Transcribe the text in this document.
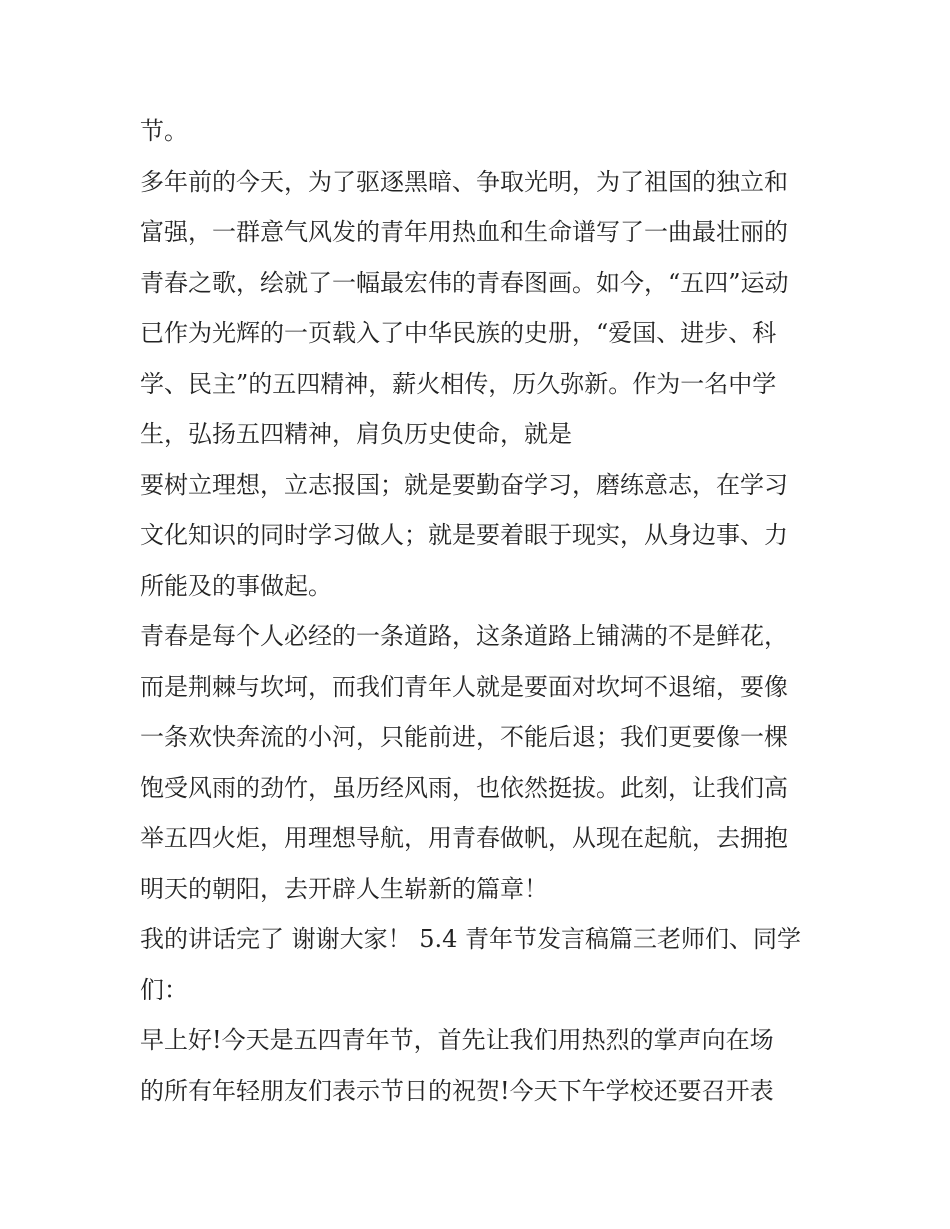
节。
多年前的今天，为了驱逐黑暗、争取光明，为了祖国的独立和
富强，一群意气风发的青年用热血和生命谱写了一曲最壮丽的
青春之歌，绘就了一幅最宏伟的青春图画。如今，“五四”运动
已作为光辉的一页载入了中华民族的史册，“爱国、进步、科
学、民主”的五四精神，薪火相传，历久弥新。作为一名中学
生，弘扬五四精神，肩负历史使命，就是
要树立理想，立志报国；就是要勤奋学习，磨练意志，在学习
文化知识的同时学习做人；就是要着眼于现实，从身边事、力
所能及的事做起。
青春是每个人必经的一条道路，这条道路上铺满的不是鲜花，
而是荆棘与坎坷，而我们青年人就是要面对坎坷不退缩，要像
一条欢快奔流的小河，只能前进，不能后退；我们更要像一棵
饱受风雨的劲竹，虽历经风雨，也依然挺拔。此刻，让我们高
举五四火炬，用理想导航，用青春做帆，从现在起航，去拥抱
明天的朝阳，去开辟人生崭新的篇章！
我的讲话完了 谢谢大家！ 5.4 青年节发言稿篇三老师们、同学
们：
早上好!今天是五四青年节，首先让我们用热烈的掌声向在场
的所有年轻朋友们表示节日的祝贺!今天下午学校还要召开表
